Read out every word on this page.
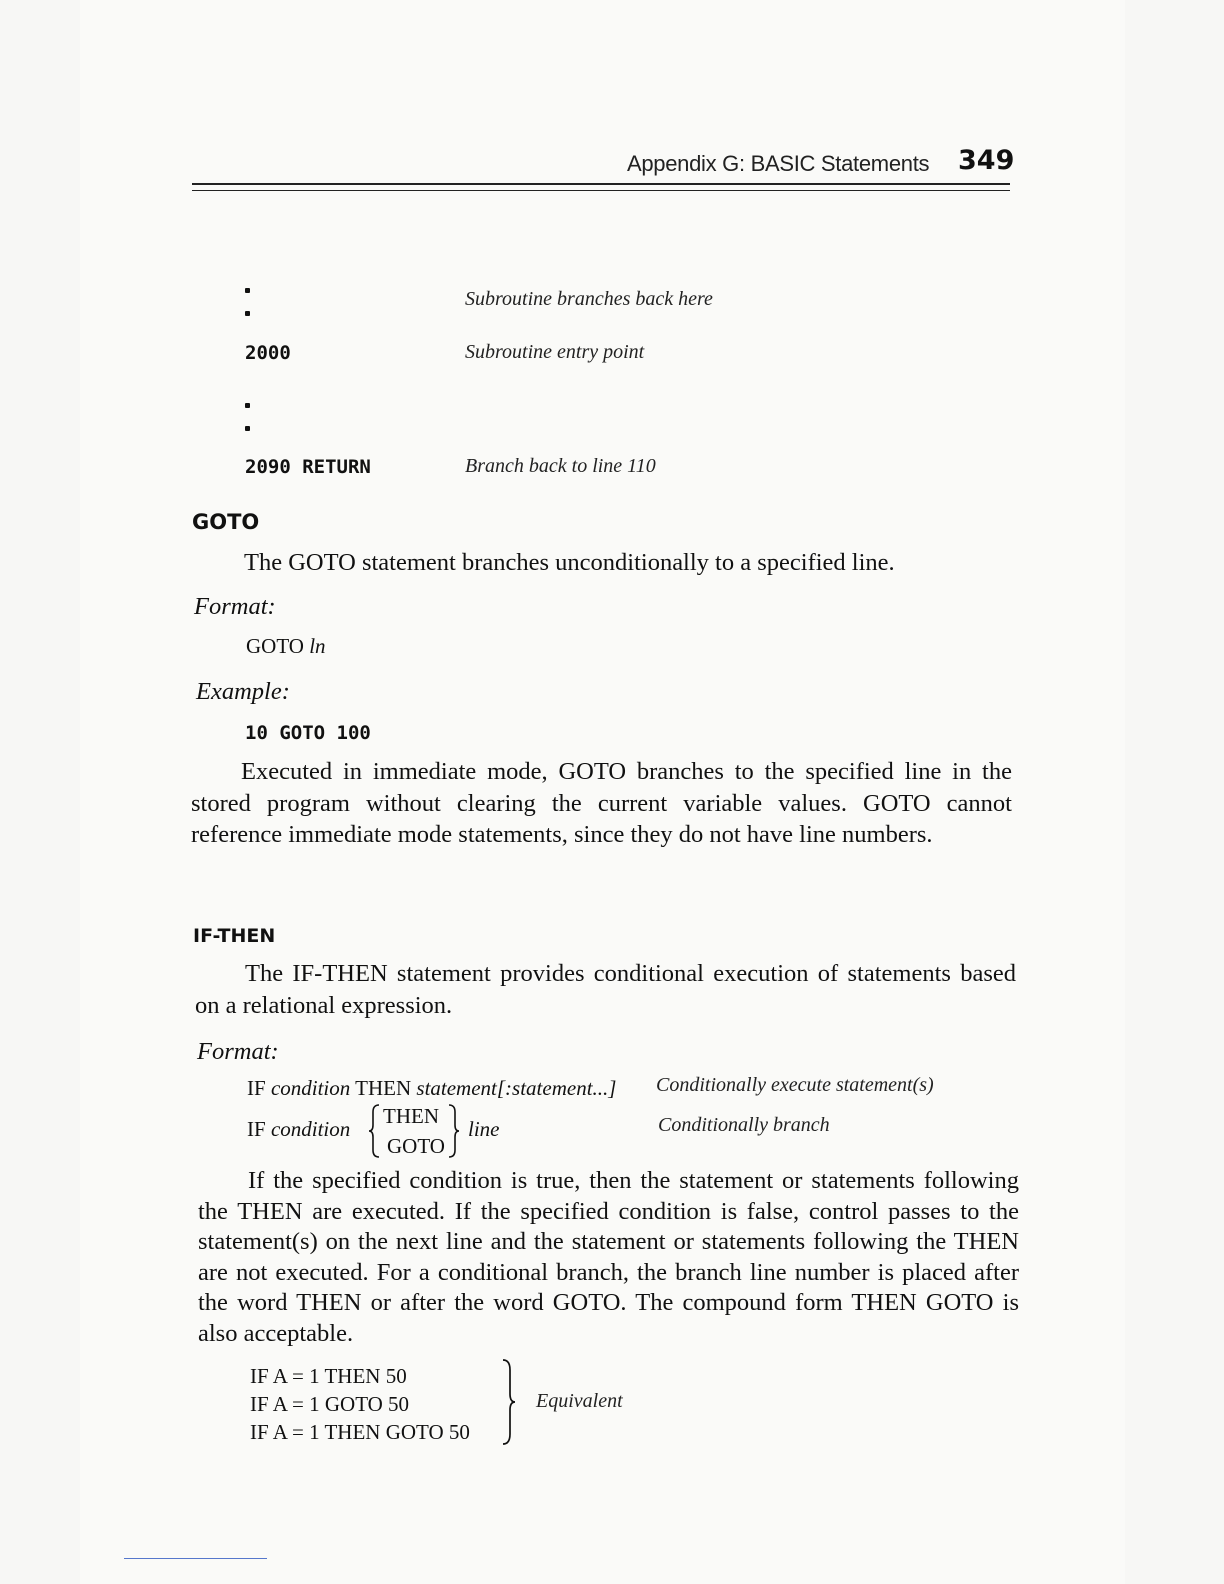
Appendix G: BASIC Statements 349
Subroutine branches back here
2000	Subroutine entry point
2090 RETURN	Branch back to line 110
GOTO
The GOTO statement branches unconditionally to a specified line.
Format:
GOTO ln
Example:
10 GOTO 100
Executed in immediate mode, GOTO branches to the specified line in the stored program without clearing the current variable values. GOTO cannot reference immediate mode statements, since they do not have line numbers.
IF-THEN
The IF-THEN statement provides conditional execution of statements based on a relational expression.
Format:
IF condition THEN statement[:statement...] Conditionally execute statement(s)
IF condition
THEN
GOTO
line	Conditionally branch
If the specified condition is true, then the statement or statements following the THEN are executed. If the specified condition is false, control passes to the statement(s) on the next line and the statement or statements following the THEN are not executed. For a conditional branch, the branch line number is placed after the word THEN or after the word GOTO. The compound form THEN GOTO is also acceptable.
IF A = 1 THEN 50
IF A = 1 GOTO 50
IF A = 1 THEN GOTO 50
Equivalent
